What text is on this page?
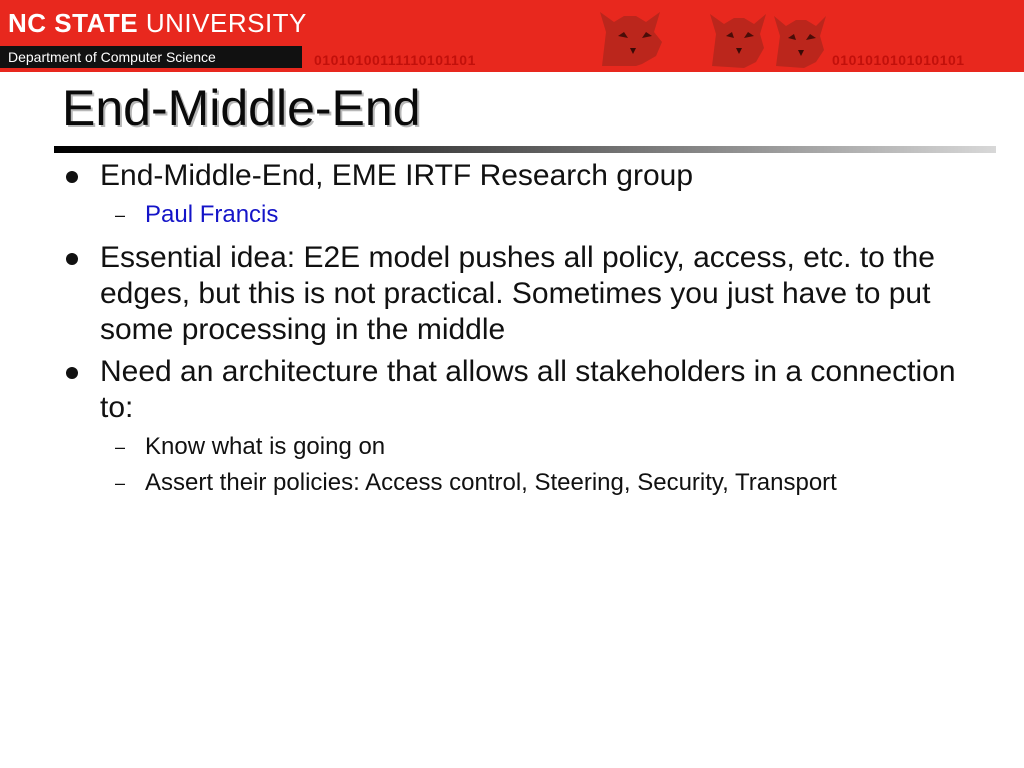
NC STATE UNIVERSITY
Department of Computer Science	01010100111110101101	0101010101010101
End-Middle-End
End-Middle-End, EME IRTF Research group
– Paul Francis
Essential idea: E2E model pushes all policy, access, etc. to the edges, but this is not practical. Sometimes you just have to put some processing in the middle
Need an architecture that allows all stakeholders in a connection to:
– Know what is going on
– Assert their policies: Access control, Steering, Security, Transport
